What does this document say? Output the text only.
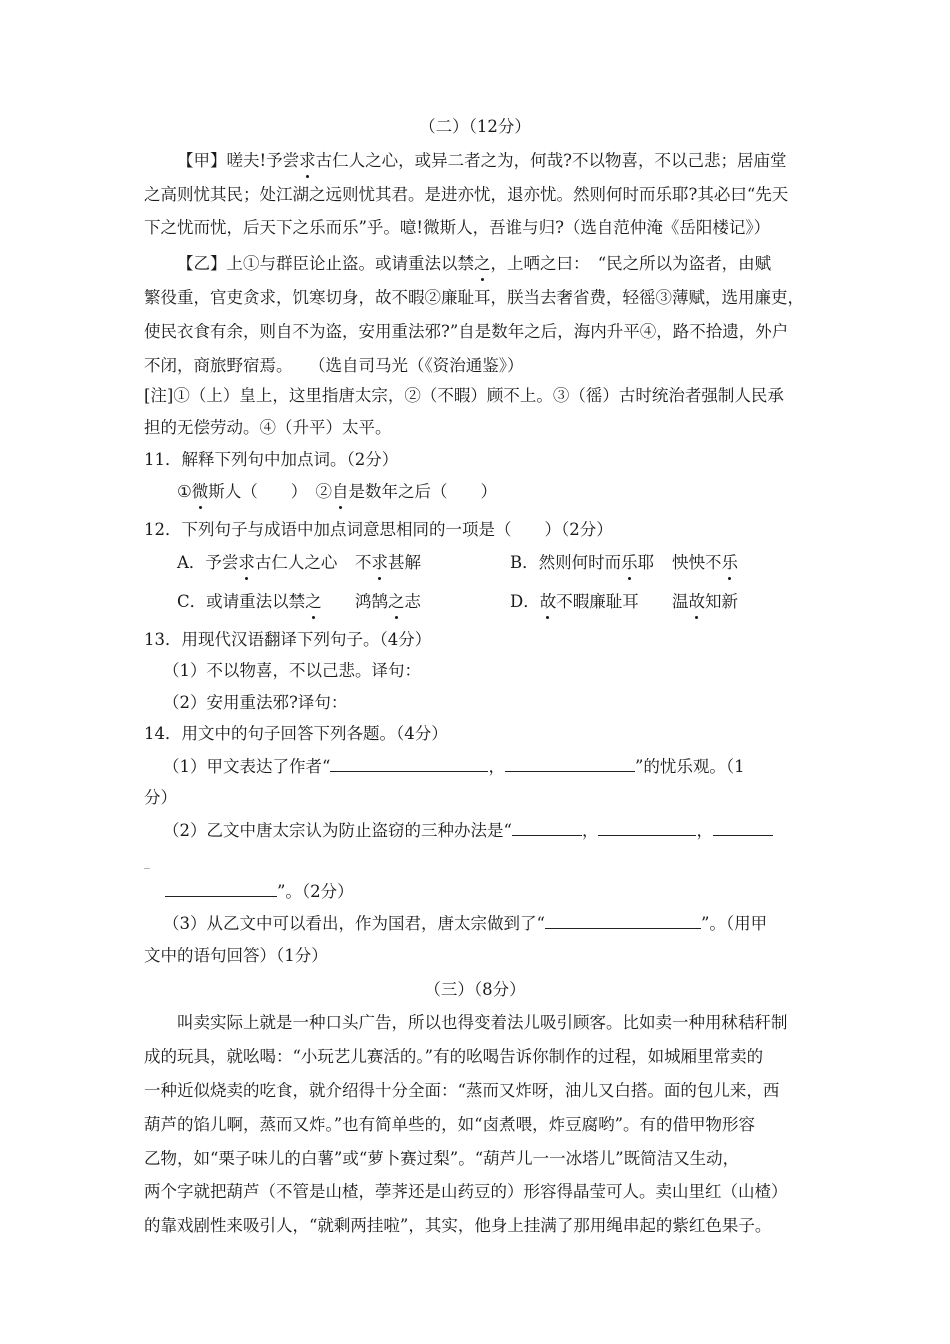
（二）（12分）
【甲】嗟夫!予尝求古仁人之心，或异二者之为，何哉?不以物喜，不以己悲；居庙堂
之高则忧其民；处江湖之远则忧其君。是进亦忧，退亦忧。然则何时而乐耶?其必曰“先天
下之忧而忧，后天下之乐而乐”乎。噫!微斯人，吾谁与归?（选自范仲淹《岳阳楼记》）
【乙】上①与群臣论止盗。或请重法以禁之，上哂之曰：　“民之所以为盗者，由赋
繁役重，官吏贪求，饥寒切身，故不暇②廉耻耳，朕当去奢省费，轻徭③薄赋，选用廉吏，
使民衣食有余，则自不为盗，安用重法邪?”自是数年之后，海内升平④，路不拾遗，外户
不闭，商旅野宿焉。　　（选自司马光（《资治通鉴》）
[注]①（上）皇上，这里指唐太宗，②（不暇）顾不上。③（徭）古时统治者强制人民承
担的无偿劳动。④（升平）太平。
11．解释下列句中加点词。（2分）
①微斯人（　　）　②自是数年之后（　　）
12．下列句子与成语中加点词意思相同的一项是（　　）（2分）
A．予尝求古仁人之心 不求甚解	B．然则何时而乐耶 怏怏不乐
C．或请重法以禁之 鸿鹄之志	D．故不暇廉耻耳 温故知新
13．用现代汉语翻译下列句子。（4分）
（1）不以物喜，不以己悲。译句：
（2）安用重法邪?译句：
14．用文中的句子回答下列各题。（4分）
（1）甲文表达了作者“	，	”的忧乐观。（1
分）
（2）乙文中唐太宗认为防止盗窃的三种办法是“	，	，
_
”。（2分）
（3）从乙文中可以看出，作为国君，唐太宗做到了“	”。（用甲
文中的语句回答）（1分）
（三）（8分）
叫卖实际上就是一种口头广告，所以也得变着法儿吸引顾客。比如卖一种用秫秸秆制
成的玩具，就吆喝：“小玩艺儿赛活的。”有的吆喝告诉你制作的过程，如城厢里常卖的
一种近似烧卖的吃食，就介绍得十分全面：“蒸而又炸呀，油儿又白搭。面的包儿来，西
葫芦的馅儿啊，蒸而又炸。”也有简单些的，如“卤煮喂，炸豆腐哟”。有的借甲物形容
乙物，如“栗子味儿的白薯”或“萝卜赛过梨”。“葫芦儿一一冰塔儿”既简洁又生动，
两个字就把葫芦（不管是山楂，荸荠还是山药豆的）形容得晶莹可人。卖山里红（山楂）
的靠戏剧性来吸引人，“就剩两挂啦”，其实，他身上挂满了那用绳串起的紫红色果子。
